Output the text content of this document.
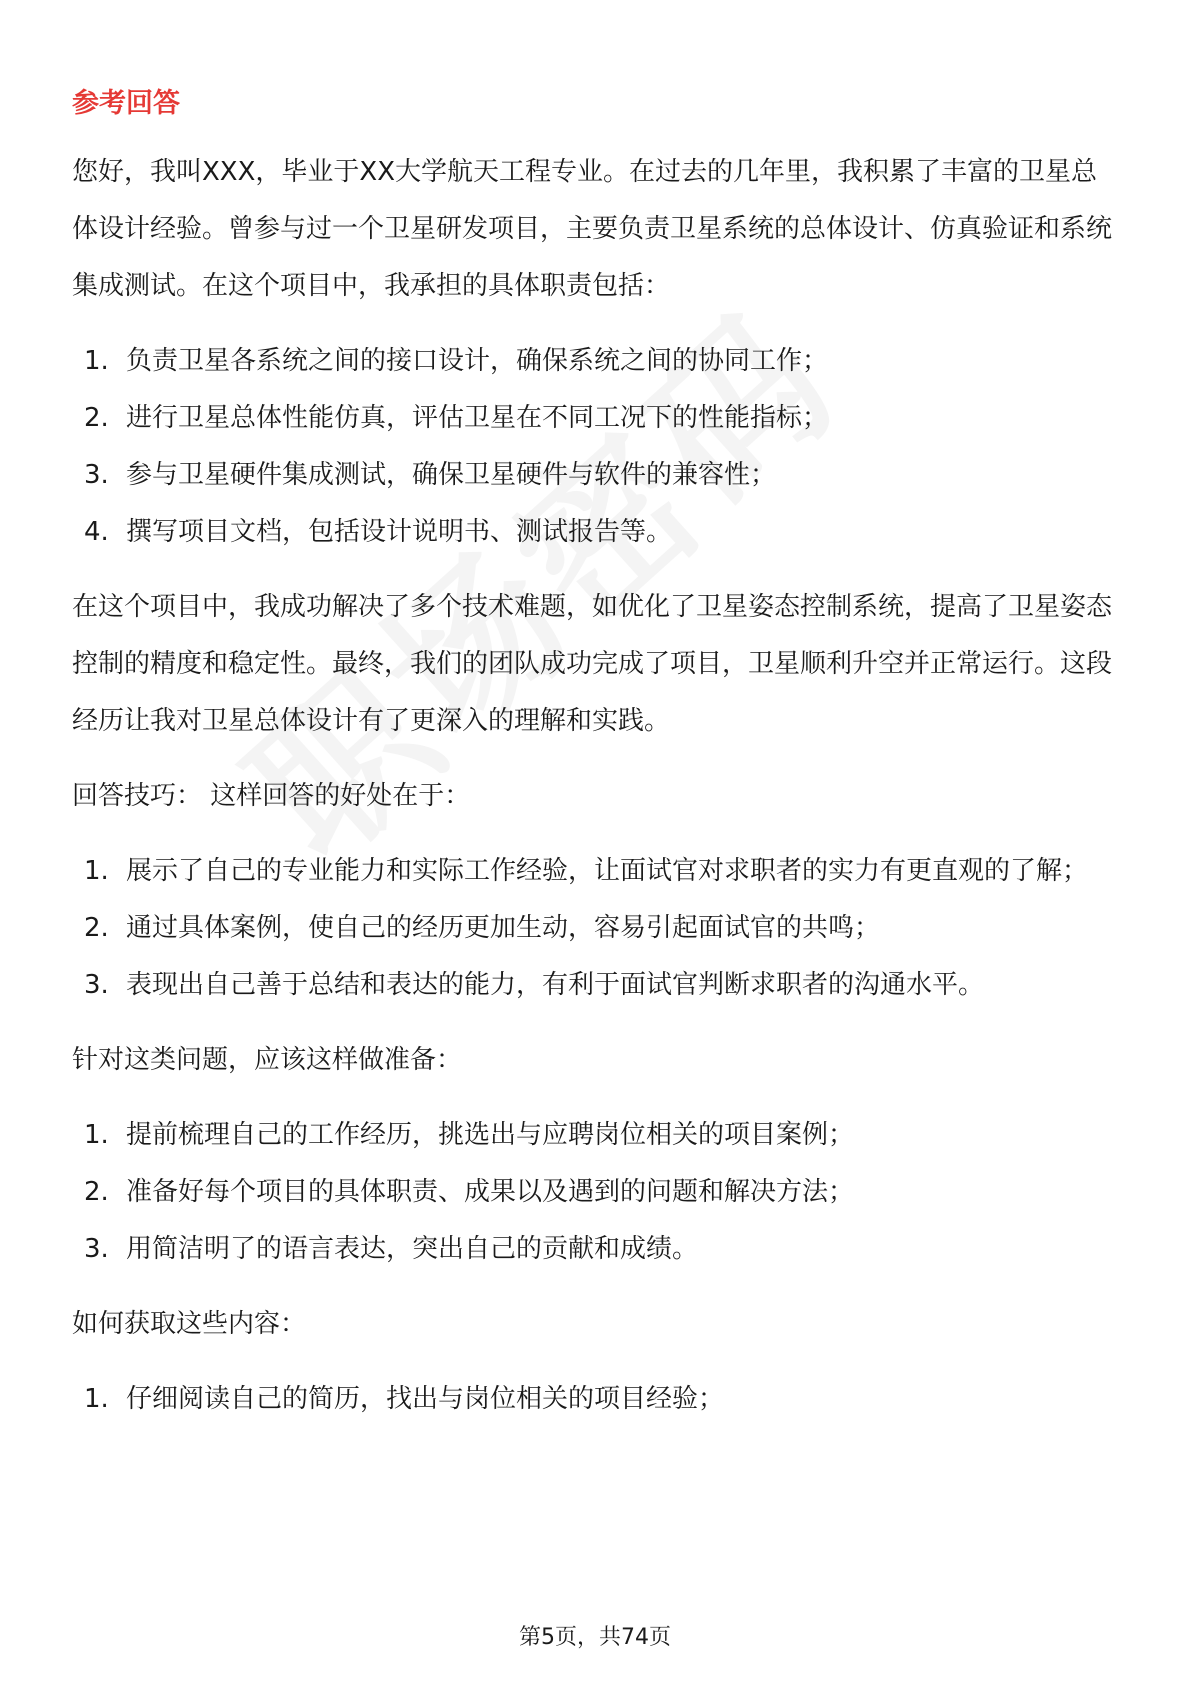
参考回答

您好，我叫XXX，毕业于XX大学航天工程专业。在过去的几年里，我积累了丰富的卫星总体设计经验。曾参与过一个卫星研发项目，主要负责卫星系统的总体设计、仿真验证和系统集成测试。在这个项目中，我承担的具体职责包括：

1. 负责卫星各系统之间的接口设计，确保系统之间的协同工作；
2. 进行卫星总体性能仿真，评估卫星在不同工况下的性能指标；
3. 参与卫星硬件集成测试，确保卫星硬件与软件的兼容性；
4. 撰写项目文档，包括设计说明书、测试报告等。

在这个项目中，我成功解决了多个技术难题，如优化了卫星姿态控制系统，提高了卫星姿态控制的精度和稳定性。最终，我们的团队成功完成了项目，卫星顺利升空并正常运行。这段经历让我对卫星总体设计有了更深入的理解和实践。

回答技巧： 这样回答的好处在于：

1. 展示了自己的专业能力和实际工作经验，让面试官对求职者的实力有更直观的了解；
2. 通过具体案例，使自己的经历更加生动，容易引起面试官的共鸣；
3. 表现出自己善于总结和表达的能力，有利于面试官判断求职者的沟通水平。

针对这类问题，应该这样做准备：

1. 提前梳理自己的工作经历，挑选出与应聘岗位相关的项目案例；
2. 准备好每个项目的具体职责、成果以及遇到的问题和解决方法；
3. 用简洁明了的语言表达，突出自己的贡献和成绩。

如何获取这些内容：

1. 仔细阅读自己的简历，找出与岗位相关的项目经验；
第5页，共74页
